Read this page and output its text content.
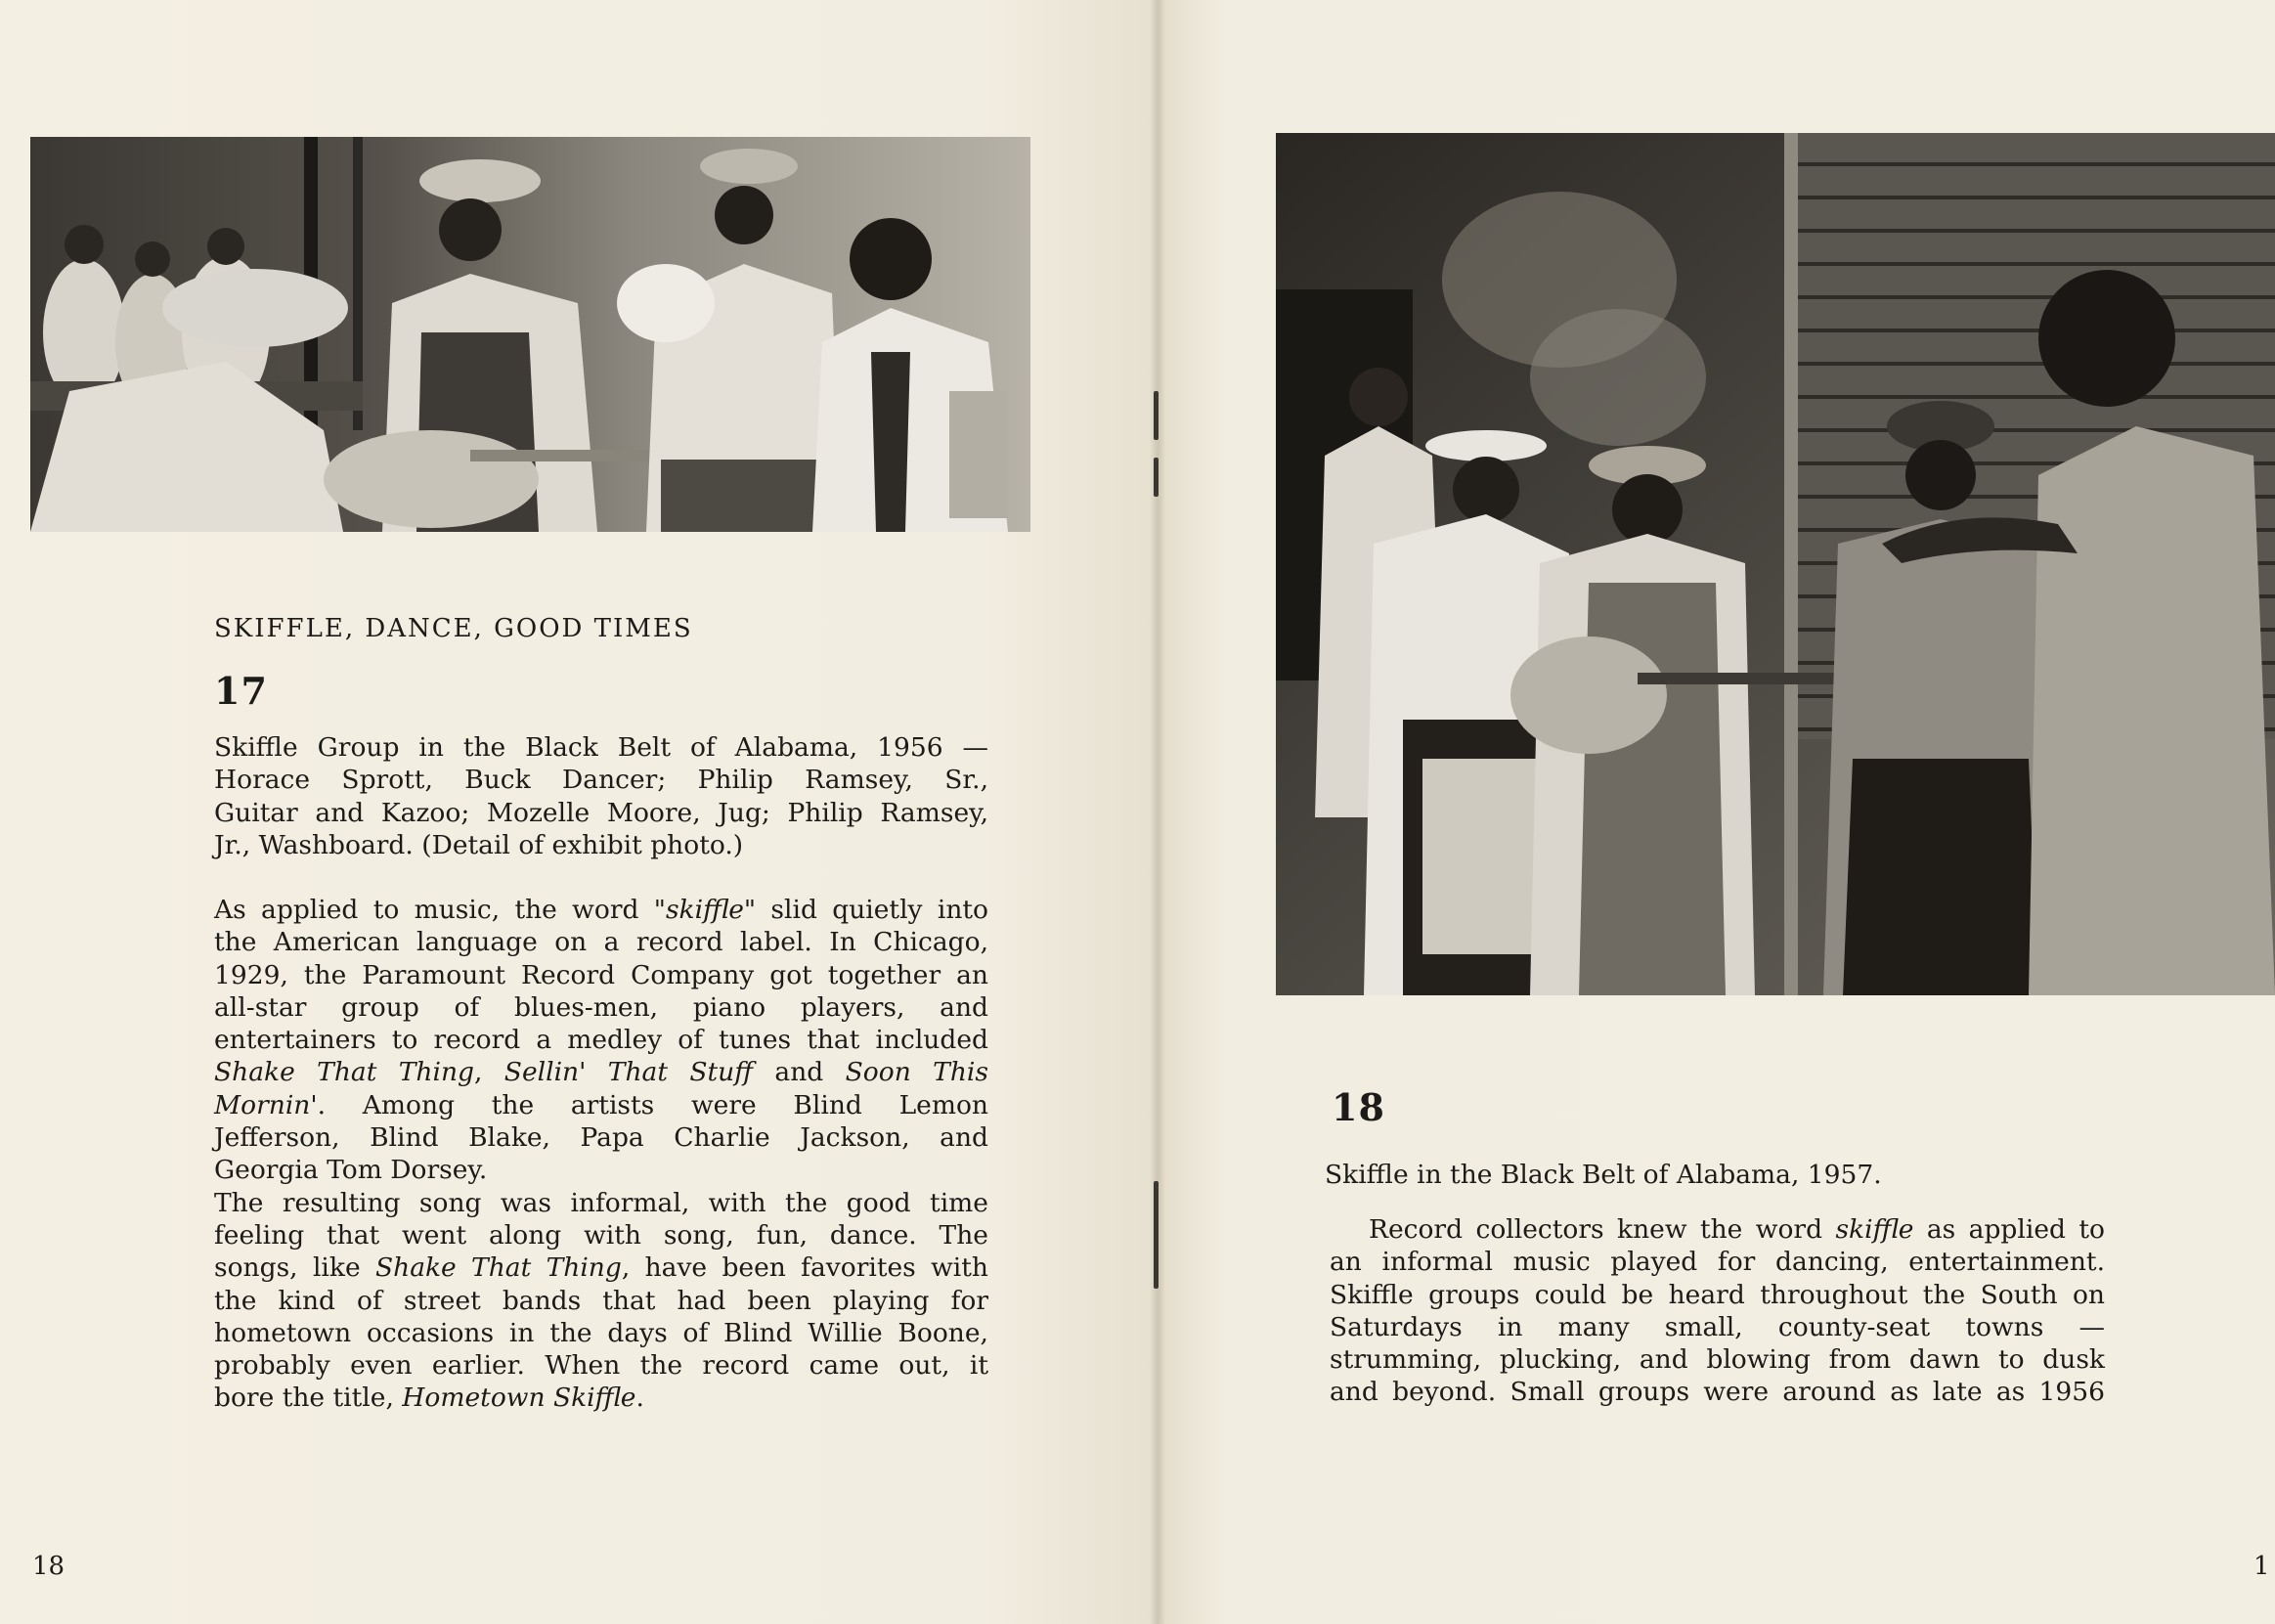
SKIFFLE, DANCE, GOOD TIMES
17
Skiffle Group in the Black Belt of Alabama, 1956 —
Horace Sprott, Buck Dancer; Philip Ramsey, Sr.,
Guitar and Kazoo; Mozelle Moore, Jug; Philip Ramsey,
Jr., Washboard. (Detail of exhibit photo.)
As applied to music, the word "skiffle" slid quietly into
the American language on a record label. In Chicago,
1929, the Paramount Record Company got together an
all-star group of blues-men, piano players, and
entertainers to record a medley of tunes that included
Shake That Thing, Sellin' That Stuff and Soon This
Mornin'. Among the artists were Blind Lemon
Jefferson, Blind Blake, Papa Charlie Jackson, and
Georgia Tom Dorsey.
The resulting song was informal, with the good time
feeling that went along with song, fun, dance. The
songs, like Shake That Thing, have been favorites with
the kind of street bands that had been playing for
hometown occasions in the days of Blind Willie Boone,
probably even earlier. When the record came out, it
bore the title, Hometown Skiffle.
18
18
Skiffle in the Black Belt of Alabama, 1957.
Record collectors knew the word skiffle as applied to
an informal music played for dancing, entertainment.
Skiffle groups could be heard throughout the South on
Saturdays in many small, county-seat towns —
strumming, plucking, and blowing from dawn to dusk
and beyond. Small groups were around as late as 1956
1
